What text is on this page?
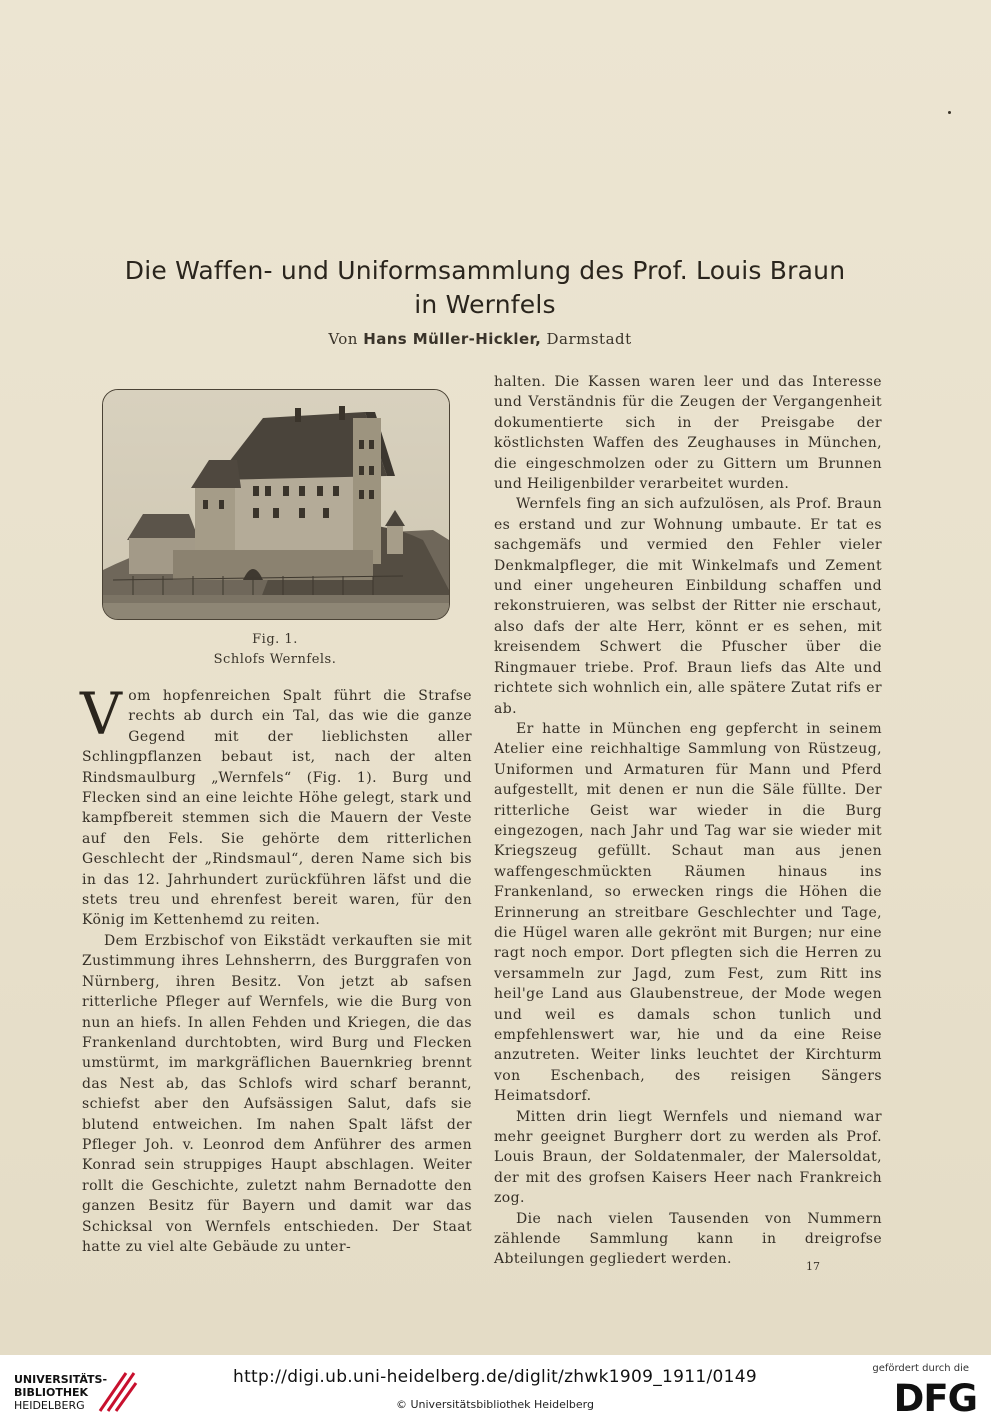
Die Waffen- und Uniformsammlung des Prof. Louis Braun
in Wernfels
Von Hans Müller-Hickler, Darmstadt
Fig. 1.
Schlofs Wernfels.
V om hopfenreichen Spalt führt die Strafse rechts ab durch ein Tal, das wie die ganze Gegend mit der lieblichsten aller Schlingpflanzen bebaut ist, nach der alten Rindsmaulburg „Wernfels“ (Fig. 1). Burg und Flecken sind an eine leichte Höhe gelegt, stark und kampfbereit stemmen sich die Mauern der Veste auf den Fels. Sie gehörte dem ritterlichen Geschlecht der „Rindsmaul“, deren Name sich bis in das 12. Jahrhundert zurückführen läfst und die stets treu und ehrenfest bereit waren, für den König im Kettenhemd zu reiten.

Dem Erzbischof von Eikstädt verkauften sie mit Zustimmung ihres Lehnsherrn, des Burggrafen von Nürnberg, ihren Besitz. Von jetzt ab safsen ritterliche Pfleger auf Wernfels, wie die Burg von nun an hiefs. In allen Fehden und Kriegen, die das Frankenland durchtobten, wird Burg und Flecken umstürmt, im markgräflichen Bauernkrieg brennt das Nest ab, das Schlofs wird scharf berannt, schiefst aber den Aufsässigen Salut, dafs sie blutend entweichen. Im nahen Spalt läfst der Pfleger Joh. v. Leonrod dem Anführer des armen Konrad sein struppiges Haupt abschlagen. Weiter rollt die Geschichte, zuletzt nahm Bernadotte den ganzen Besitz für Bayern und damit war das Schicksal von Wernfels entschieden. Der Staat hatte zu viel alte Gebäude zu unter-

halten. Die Kassen waren leer und das Interesse und Verständnis für die Zeugen der Vergangenheit dokumentierte sich in der Preisgabe der köstlichsten Waffen des Zeughauses in München, die eingeschmolzen oder zu Gittern um Brunnen und Heiligenbilder verarbeitet wurden.

Wernfels fing an sich aufzulösen, als Prof. Braun es erstand und zur Wohnung umbaute. Er tat es sachgemäfs und vermied den Fehler vieler Denkmalpfleger, die mit Winkelmafs und Zement und einer ungeheuren Einbildung schaffen und rekonstruieren, was selbst der Ritter nie erschaut, also dafs der alte Herr, könnt er es sehen, mit kreisendem Schwert die Pfuscher über die Ringmauer triebe. Prof. Braun liefs das Alte und richtete sich wohnlich ein, alle spätere Zutat rifs er ab.

Er hatte in München eng gepfercht in seinem Atelier eine reichhaltige Sammlung von Rüstzeug, Uniformen und Armaturen für Mann und Pferd aufgestellt, mit denen er nun die Säle füllte. Der ritterliche Geist war wieder in die Burg eingezogen, nach Jahr und Tag war sie wieder mit Kriegszeug gefüllt. Schaut man aus jenen waffengeschmückten Räumen hinaus ins Frankenland, so erwecken rings die Höhen die Erinnerung an streitbare Geschlechter und Tage, die Hügel waren alle gekrönt mit Burgen; nur eine ragt noch empor. Dort pflegten sich die Herren zu versammeln zur Jagd, zum Fest, zum Ritt ins heil'ge Land aus Glaubenstreue, der Mode wegen und weil es damals schon tunlich und empfehlenswert war, hie und da eine Reise anzutreten. Weiter links leuchtet der Kirchturm von Eschenbach, des reisigen Sängers Heimatsdorf.

Mitten drin liegt Wernfels und niemand war mehr geeignet Burgherr dort zu werden als Prof. Louis Braun, der Soldatenmaler, der Malersoldat, der mit des grofsen Kaisers Heer nach Frankreich zog.

Die nach vielen Tausenden von Nummern zählende Sammlung kann in dreigrofse Abteilungen gegliedert werden.	17
UNIVERSITÄTS-
BIBLIOTHEK
HEIDELBERG
http://digi.ub.uni-heidelberg.de/diglit/zhwk1909_1911/0149
© Universitätsbibliothek Heidelberg
gefördert durch die
DFG
